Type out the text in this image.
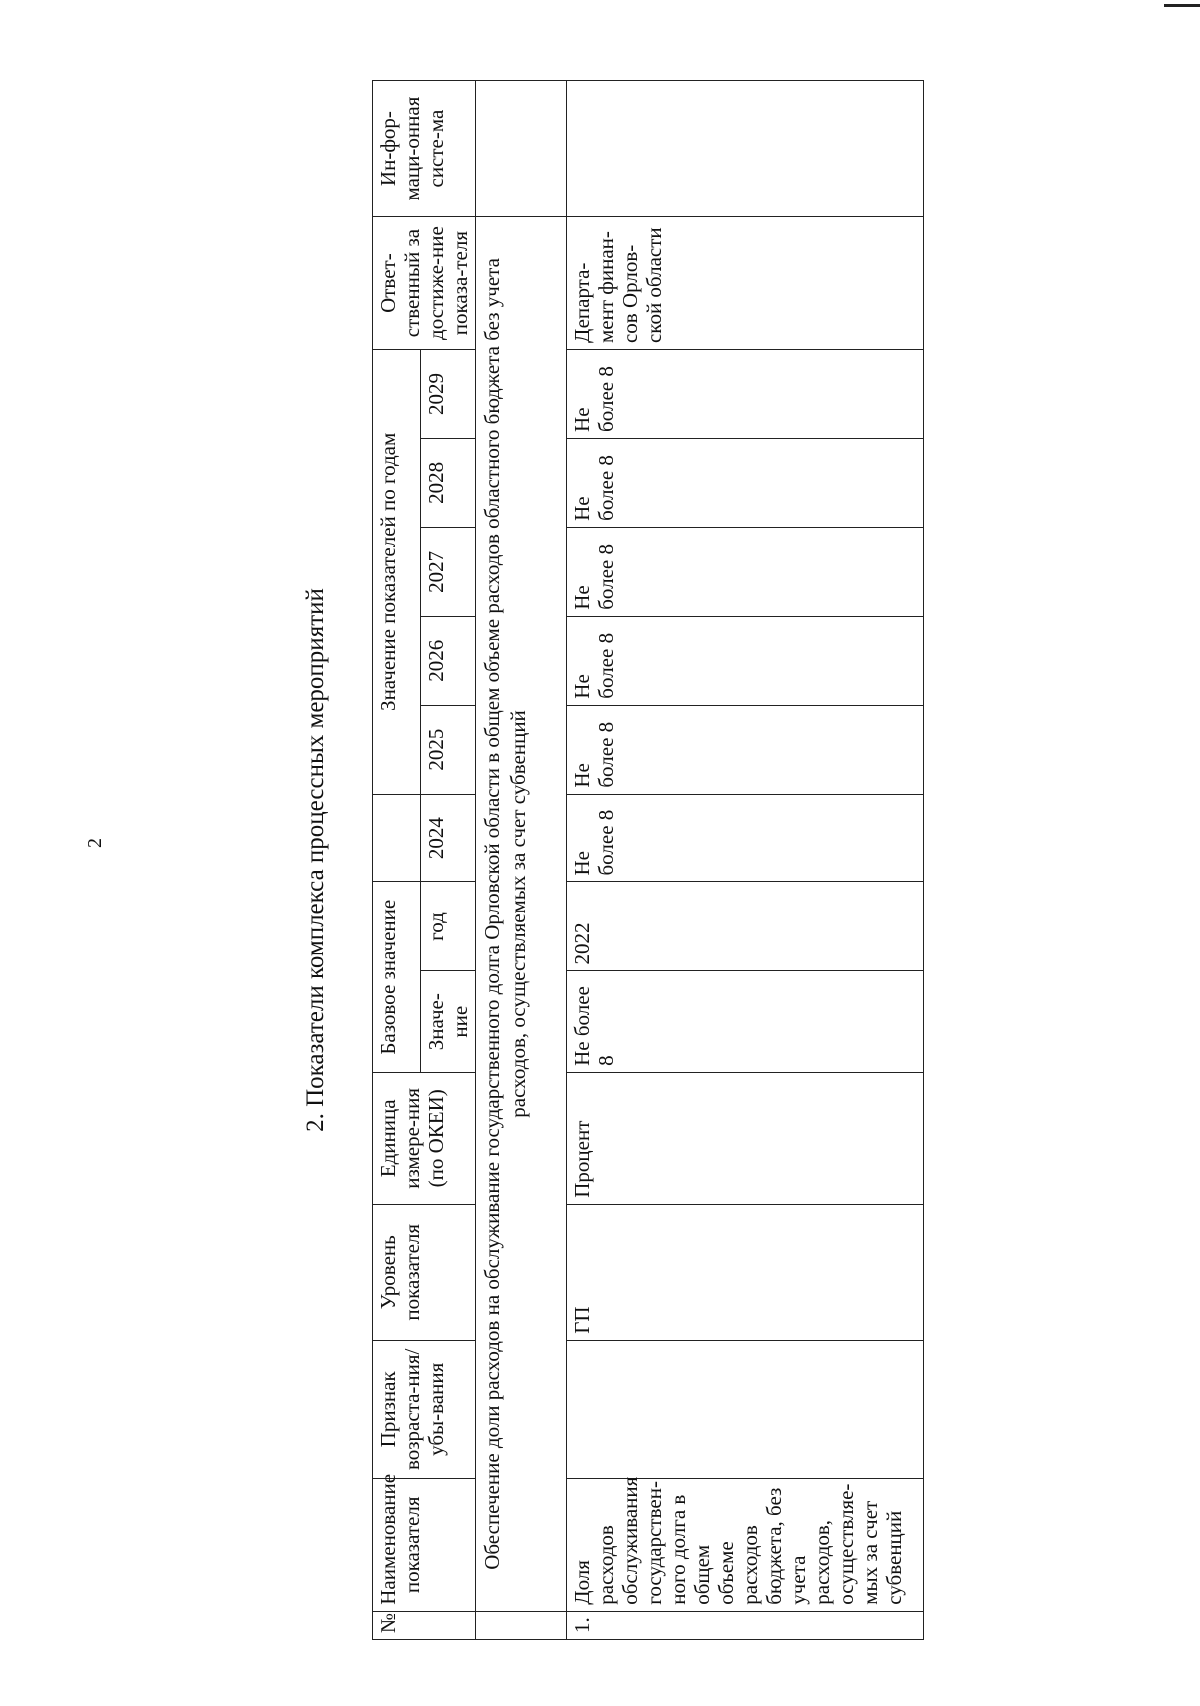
2	2. Показатели комплекса процессных мероприятий
№	Наименование показателя	Признак возраста-ния/убы-вания	Уровень показателя	Единица измере-ния (по ОКЕИ)	Базовое значение			Значение показателей по годам					Ответ-ственный за достиже-ние показа-теля	Ин-фор-маци-онная систе-ма
					Значе-ние	год	2024	2025	2026	2027	2028	2029		
	Обеспечение доли расходов на обслуживание государственного долга Орловской области в общем объеме расходов областного бюджета без учета расходов, осуществляемых за счет субвенций													
1.	Доля расходов обслуживания государствен-ного долга в общем объеме расходов бюджета, без учета расходов, осуществляе-мых за счет субвенций		ГП	Процент	Не более 8	2022	Не более 8	Не более 8	Не более 8	Не более 8	Не более 8	Не более 8	Департа-мент финан-сов Орлов-ской области	
